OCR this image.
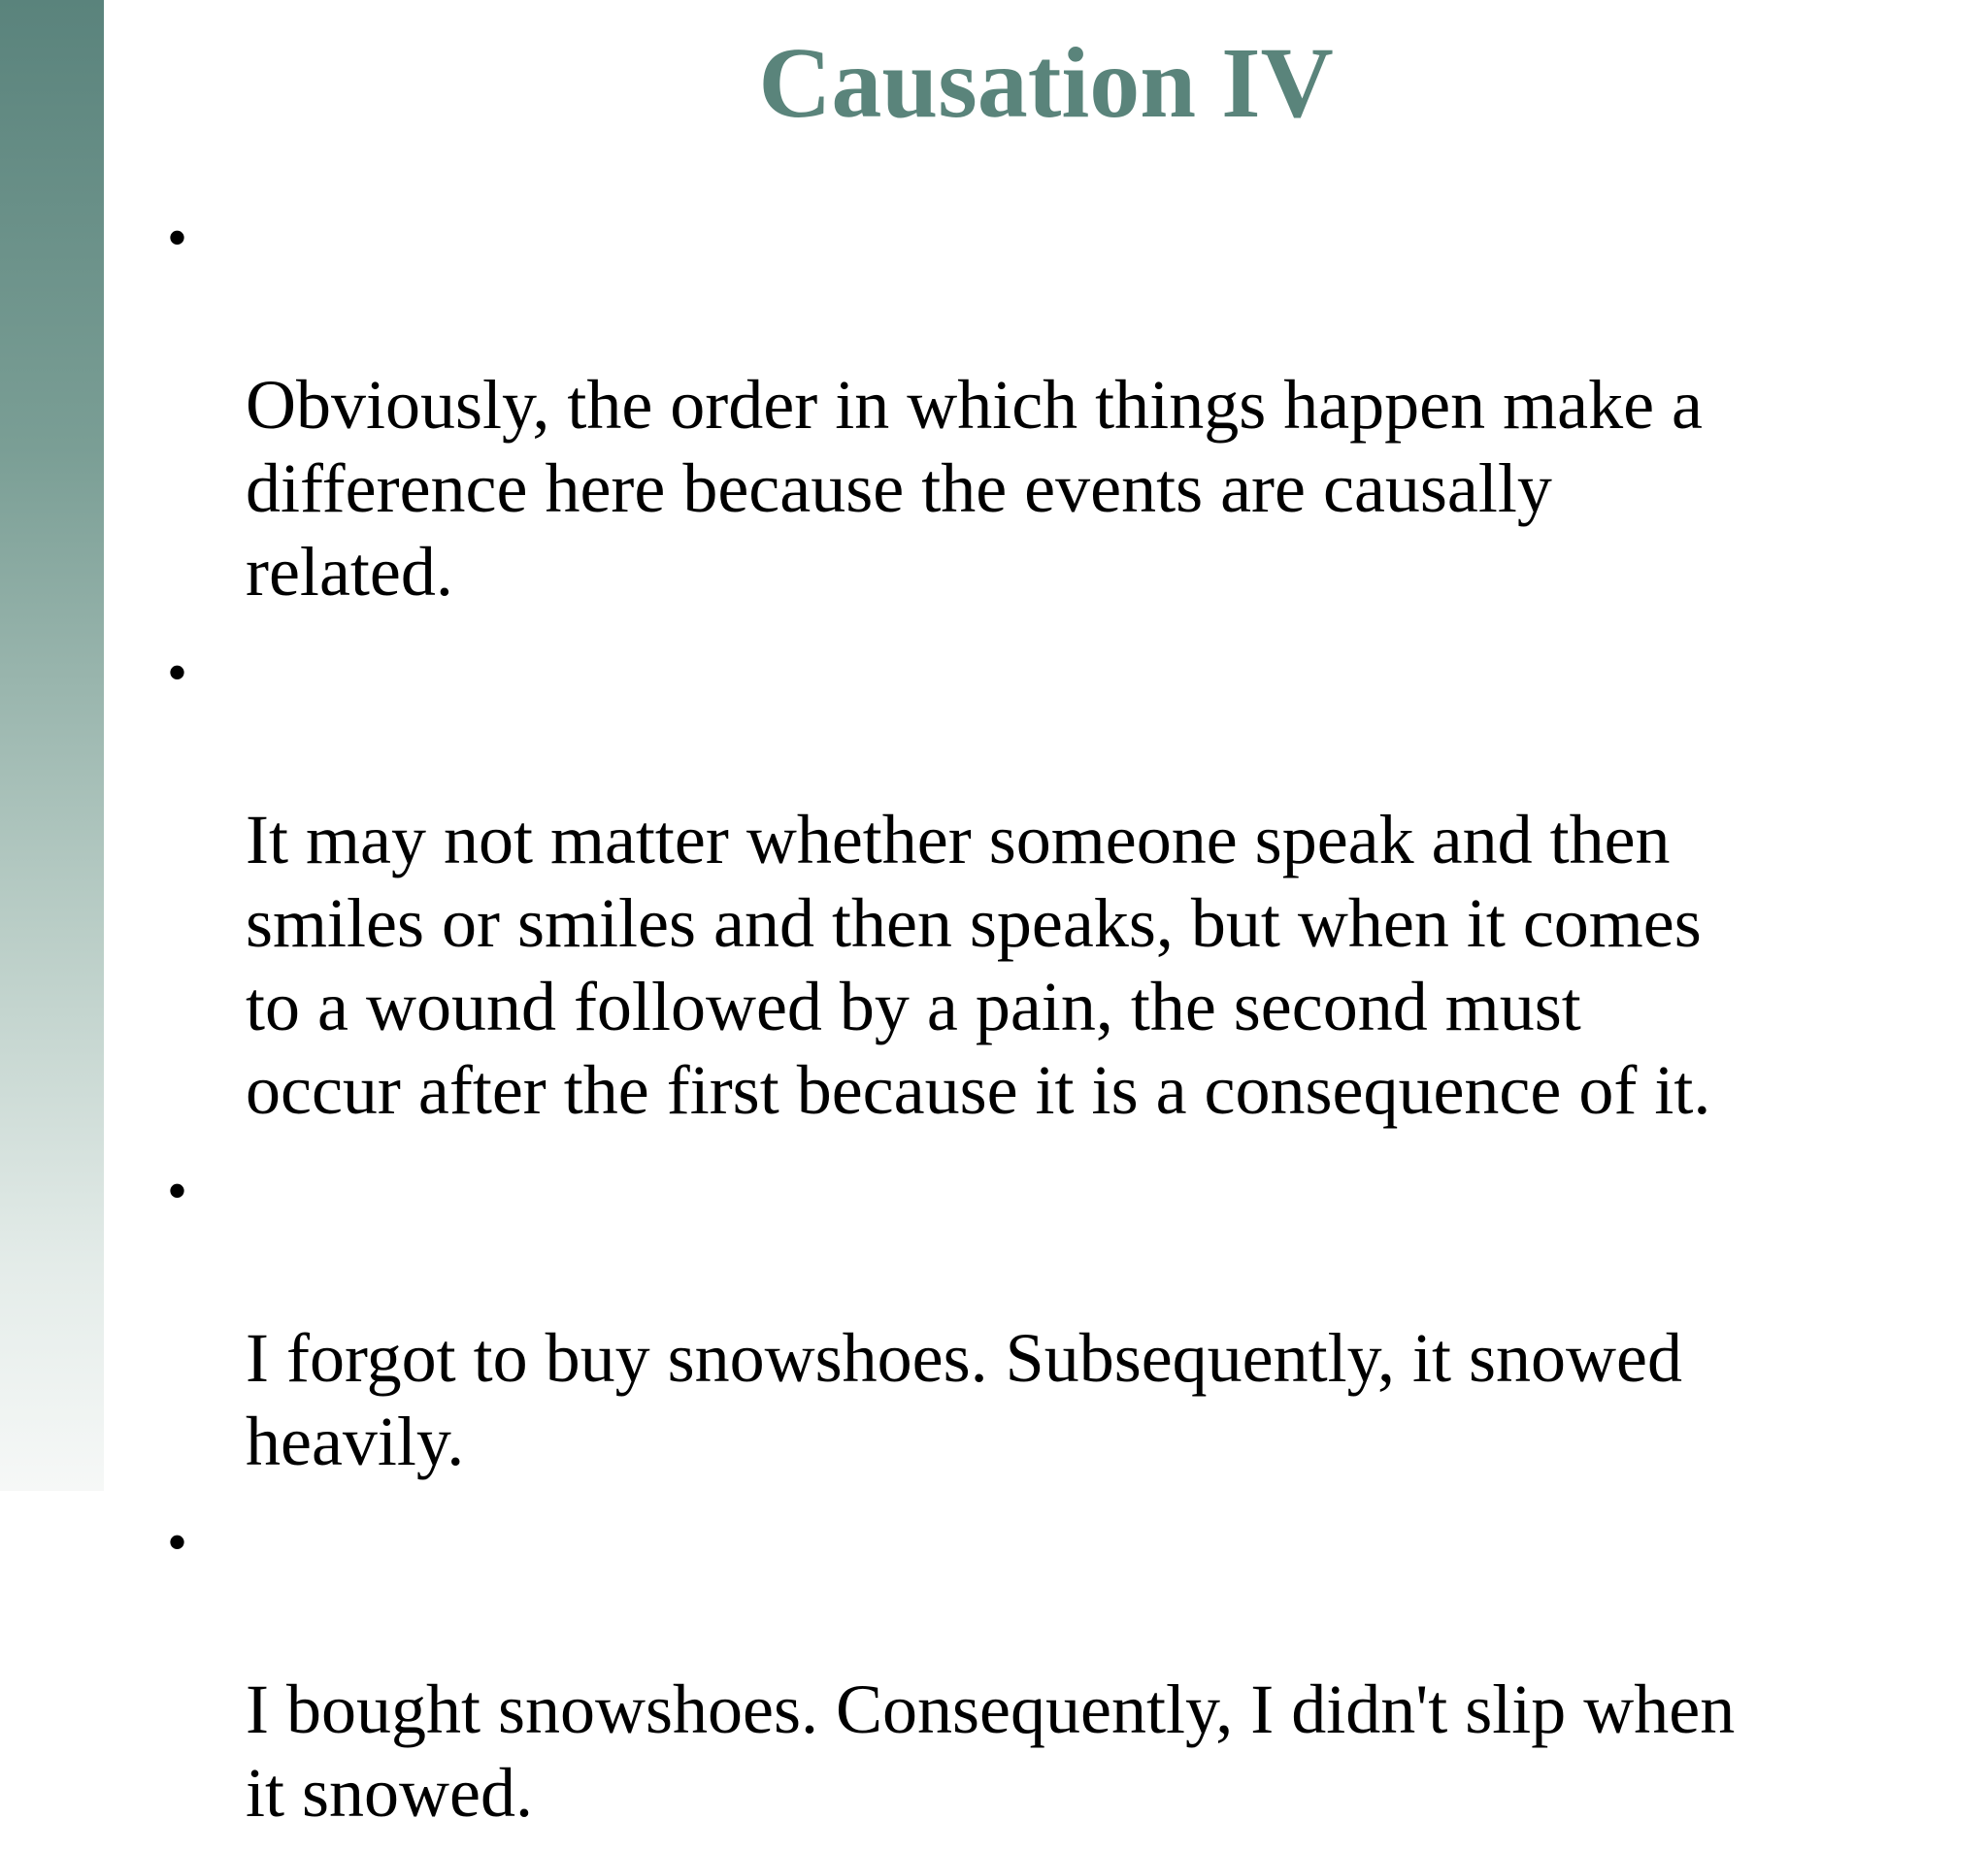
Causation IV

•

Obviously, the order in which things happen make a
difference here because the events are causally
related.

•

It may not matter whether someone speak and then
smiles or smiles and then speaks, but when it comes
to a wound followed by a pain, the second must
occur after the first because it is a consequence of it.

•

I forgot to buy snowshoes. Subsequently, it snowed
heavily.

•

I bought snowshoes. Consequently, I didn't slip when
it snowed.
